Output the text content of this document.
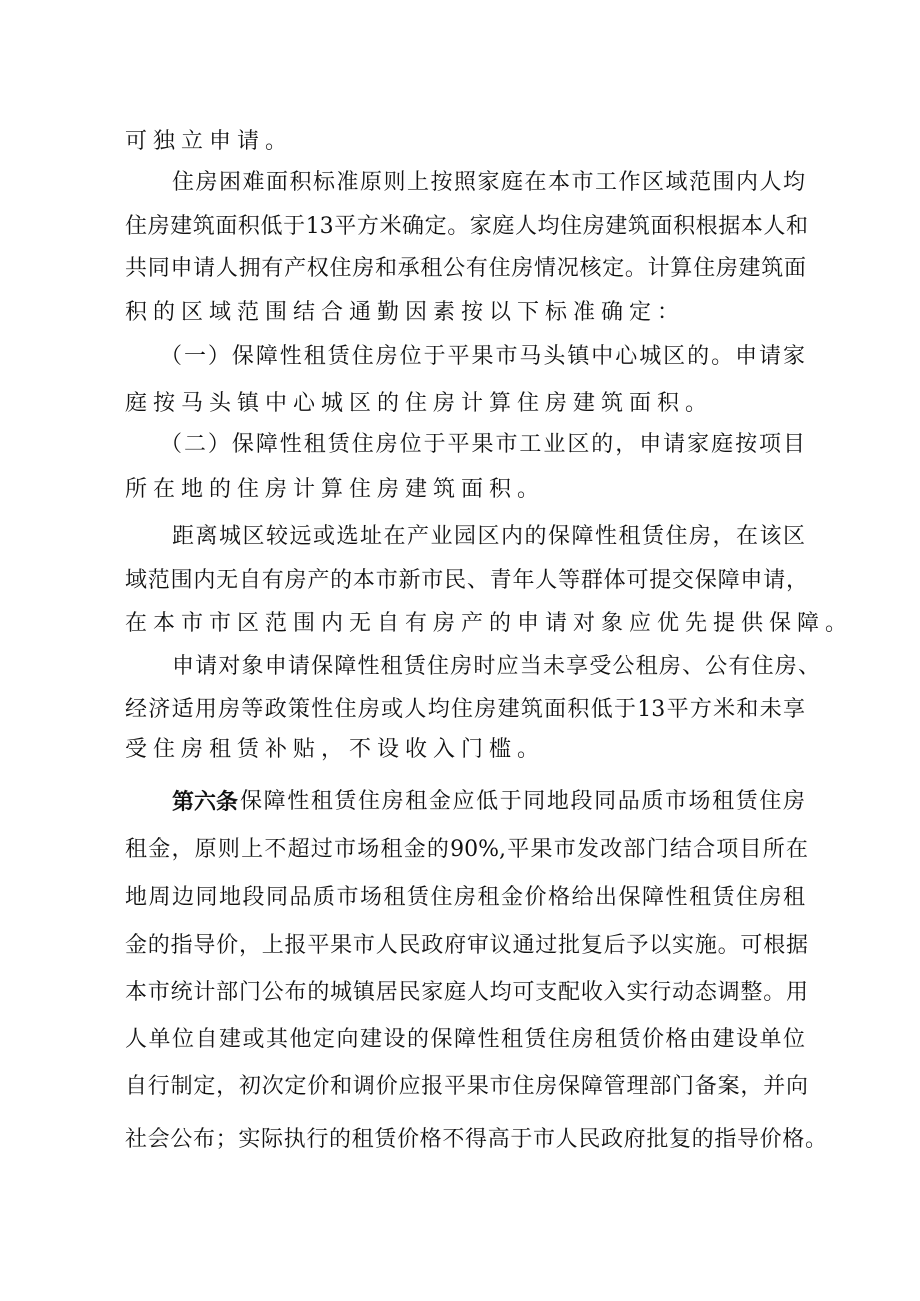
可独立申请。
住房困难面积标准原则上按照家庭在本市工作区域范围内人均
住房建筑面积低于13平方米确定。家庭人均住房建筑面积根据本人和
共同申请人拥有产权住房和承租公有住房情况核定。计算住房建筑面
积的区域范围结合通勤因素按以下标准确定：
（一）保障性租赁住房位于平果市马头镇中心城区的。申请家
庭按马头镇中心城区的住房计算住房建筑面积。
（二）保障性租赁住房位于平果市工业区的，申请家庭按项目
所在地的住房计算住房建筑面积。
距离城区较远或选址在产业园区内的保障性租赁住房，在该区
域范围内无自有房产的本市新市民、青年人等群体可提交保障申请，
在本市市区范围内无自有房产的申请对象应优先提供保障。
申请对象申请保障性租赁住房时应当未享受公租房、公有住房、
经济适用房等政策性住房或人均住房建筑面积低于13平方米和未享
受住房租赁补贴，不设收入门槛。
第六条 保障性租赁住房租金应低于同地段同品质市场租赁住房
租金，原则上不超过市场租金的90%,平果市发改部门结合项目所在
地周边同地段同品质市场租赁住房租金价格给出保障性租赁住房租
金的指导价，上报平果市人民政府审议通过批复后予以实施。可根据
本市统计部门公布的城镇居民家庭人均可支配收入实行动态调整。用
人单位自建或其他定向建设的保障性租赁住房租赁价格由建设单位
自行制定，初次定价和调价应报平果市住房保障管理部门备案，并向
社会公布；实际执行的租赁价格不得高于市人民政府批复的指导价格。
